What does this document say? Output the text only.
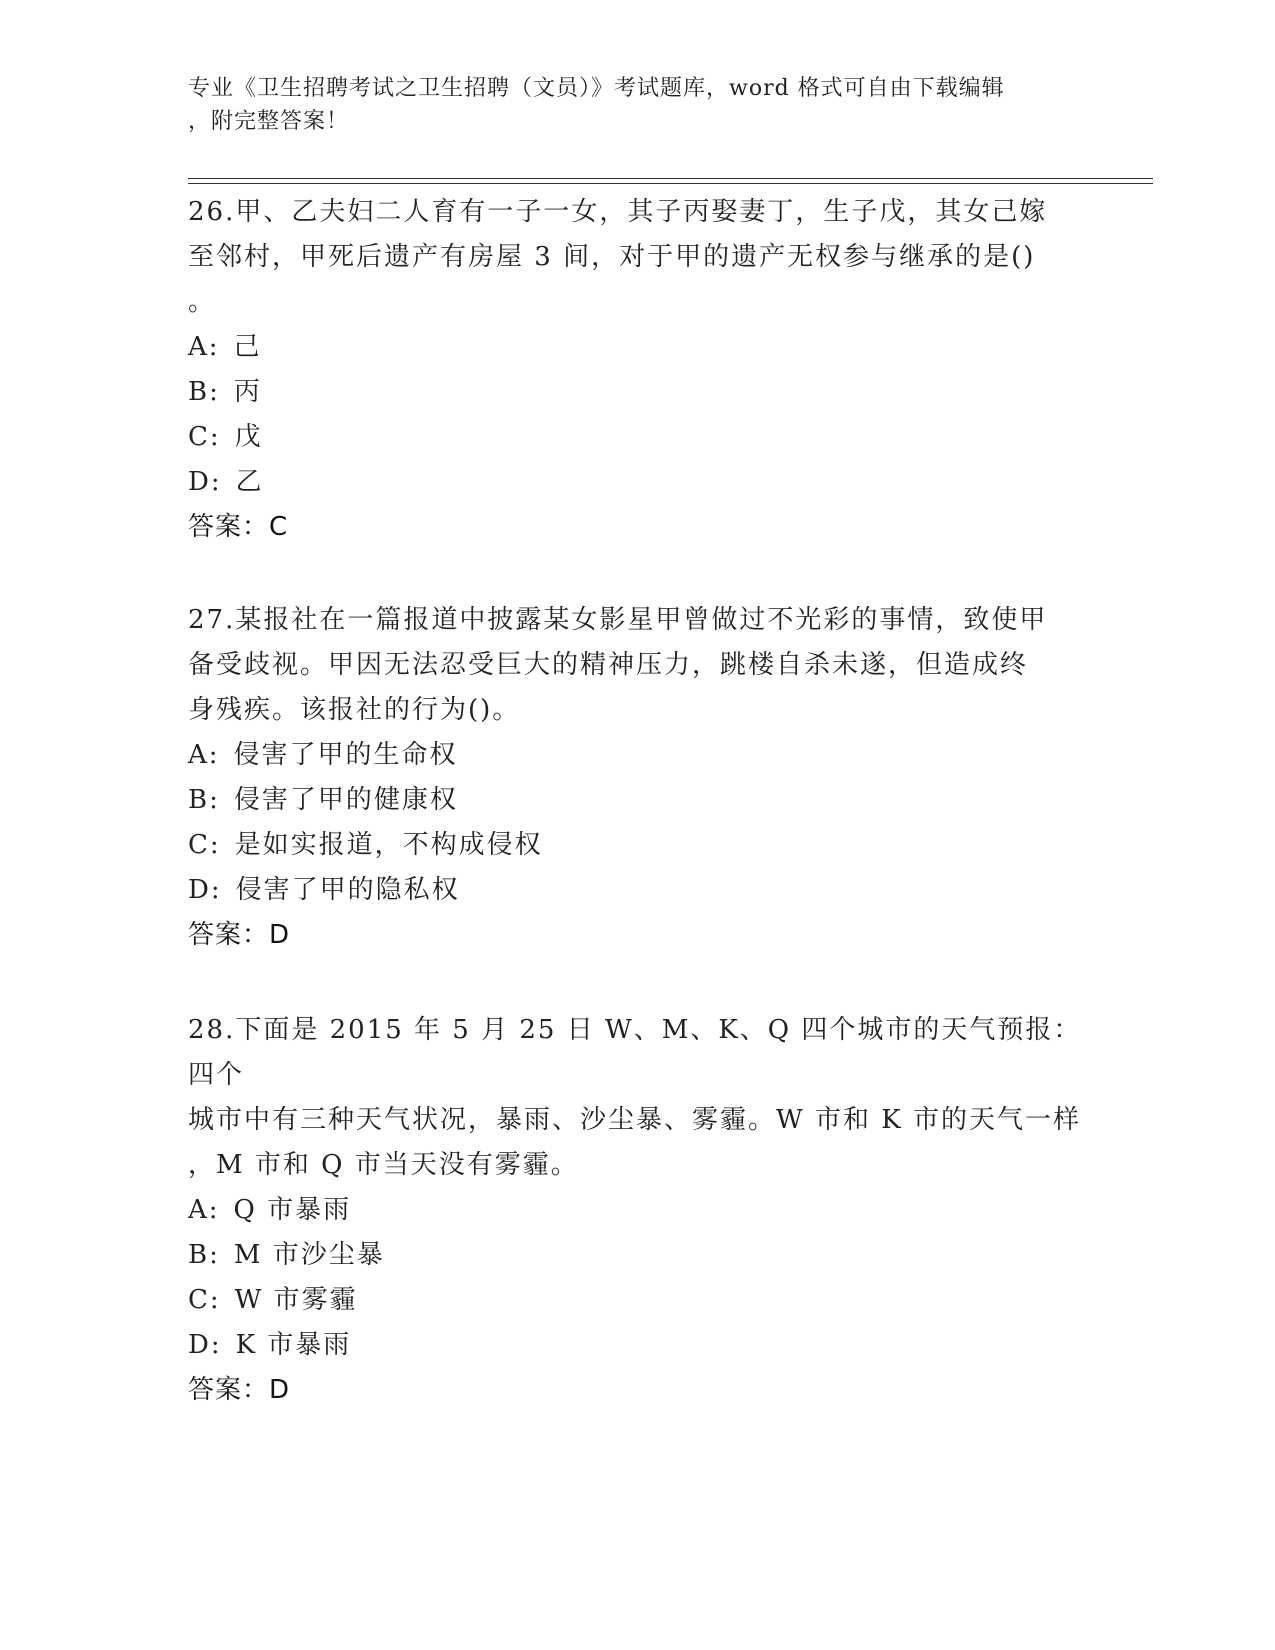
专业《卫生招聘考试之卫生招聘（文员）》考试题库，word 格式可自由下载编辑
，附完整答案！

26.甲、乙夫妇二人育有一子一女，其子丙娶妻丁，生子戊，其女己嫁

至邻村，甲死后遗产有房屋 3 间，对于甲的遗产无权参与继承的是()

。

A: 己

B: 丙

C: 戊

D: 乙

答案：C

27.某报社在一篇报道中披露某女影星甲曾做过不光彩的事情，致使甲

备受歧视。甲因无法忍受巨大的精神压力，跳楼自杀未遂，但造成终

身残疾。该报社的行为()。

A: 侵害了甲的生命权

B: 侵害了甲的健康权

C: 是如实报道，不构成侵权

D: 侵害了甲的隐私权

答案：D

28.下面是 2015 年 5 月 25 日 W、M、K、Q 四个城市的天气预报：四个

城市中有三种天气状况，暴雨、沙尘暴、雾霾。W 市和 K 市的天气一样

，M 市和 Q 市当天没有雾霾。

A: Q 市暴雨

B: M 市沙尘暴

C: W 市雾霾

D: K 市暴雨

答案：D
